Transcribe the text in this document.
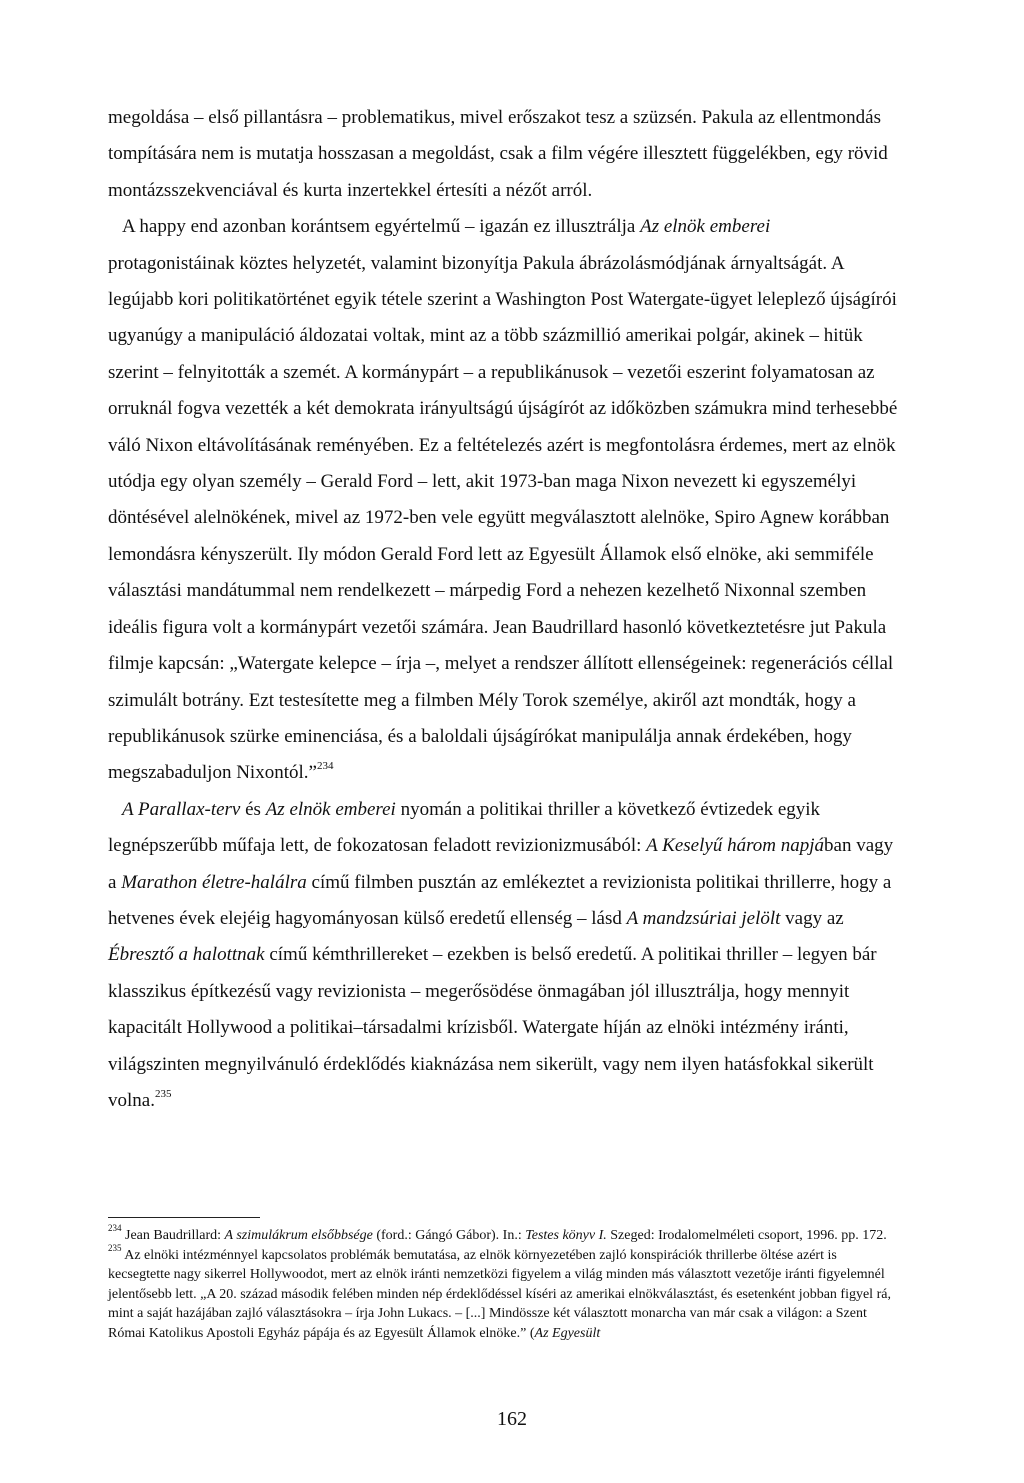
megoldása – első pillantásra – problematikus, mivel erőszakot tesz a szüzsén. Pakula az ellentmondás tompítására nem is mutatja hosszasan a megoldást, csak a film végére illesztett függelékben, egy rövid montázsszekvenciával és kurta inzertekkel értesíti a nézőt arról.

A happy end azonban korántsem egyértelmű – igazán ez illusztrálja Az elnök emberei protagonistáinak köztes helyzetét, valamint bizonyítja Pakula ábrázolásmódjának árnyaltságát. A legújabb kori politikatörténet egyik tétele szerint a Washington Post Watergate-ügyet leleplező újságírói ugyanúgy a manipuláció áldozatai voltak, mint az a több százmillió amerikai polgár, akinek – hitük szerint – felnyitották a szemét. A kormánypárt – a republikánusok – vezetői eszerint folyamatosan az orruknál fogva vezették a két demokrata irányultságú újságírót az időközben számukra mind terhesebbé váló Nixon eltávolításának reményében. Ez a feltételezés azért is megfontolásra érdemes, mert az elnök utódja egy olyan személy – Gerald Ford – lett, akit 1973-ban maga Nixon nevezett ki egyszemélyi döntésével alelnökének, mivel az 1972-ben vele együtt megválasztott alelnöke, Spiro Agnew korábban lemondásra kényszerült. Ily módon Gerald Ford lett az Egyesült Államok első elnöke, aki semmiféle választási mandátummal nem rendelkezett – márpedig Ford a nehezen kezelhető Nixonnal szemben ideális figura volt a kormánypárt vezetői számára. Jean Baudrillard hasonló következtetésre jut Pakula filmje kapcsán: „Watergate kelepce – írja –, melyet a rendszer állított ellenségeinek: regenerációs céllal szimulált botrány. Ezt testesítette meg a filmben Mély Torok személye, akiről azt mondták, hogy a republikánusok szürke eminenciása, és a baloldali újságírókat manipulálja annak érdekében, hogy megszabaduljon Nixontól.”$^{234}$

A Parallax-terv és Az elnök emberei nyomán a politikai thriller a következő évtizedek egyik legnépszerűbb műfaja lett, de fokozatosan feladott revizionizmusából: A Keselyű három napjában vagy a Marathon életre-halálra című filmben pusztán az emlékeztet a revizionista politikai thrillerre, hogy a hetvenes évek elejéig hagyományosan külső eredetű ellenség – lásd A mandzsúriai jelölt vagy az Ébresztő a halottnak című kémthrillereket – ezekben is belső eredetű. A politikai thriller – legyen bár klasszikus építkezésű vagy revizionista – megerősödése önmagában jól illusztrálja, hogy mennyit kapacitált Hollywood a politikai–társadalmi krízisből. Watergate híján az elnöki intézmény iránti, világszinten megnyilvánuló érdeklődés kiaknázása nem sikerült, vagy nem ilyen hatásfokkal sikerült volna.$^{235}$

$^{234}$ Jean Baudrillard: A szimulákrum elsőbbsége (ford.: Gángó Gábor). In.: Testes könyv I. Szeged: Irodalomelméleti csoport, 1996. pp. 172.

$^{235}$ Az elnöki intézménnyel kapcsolatos problémák bemutatása, az elnök környezetében zajló konspirációk thrillerbe öltése azért is kecsegtette nagy sikerrel Hollywoodot, mert az elnök iránti nemzetközi figyelem a világ minden más választott vezetője iránti figyelemnél jelentősebb lett. „A 20. század második felében minden nép érdeklődéssel kíséri az amerikai elnökválasztást, és esetenként jobban figyel rá, mint a saját hazájában zajló választásokra – írja John Lukacs. – [...] Mindössze két választott monarcha van már csak a világon: a Szent Római Katolikus Apostoli Egyház pápája és az Egyesült Államok elnöke.” (Az Egyesült

162
